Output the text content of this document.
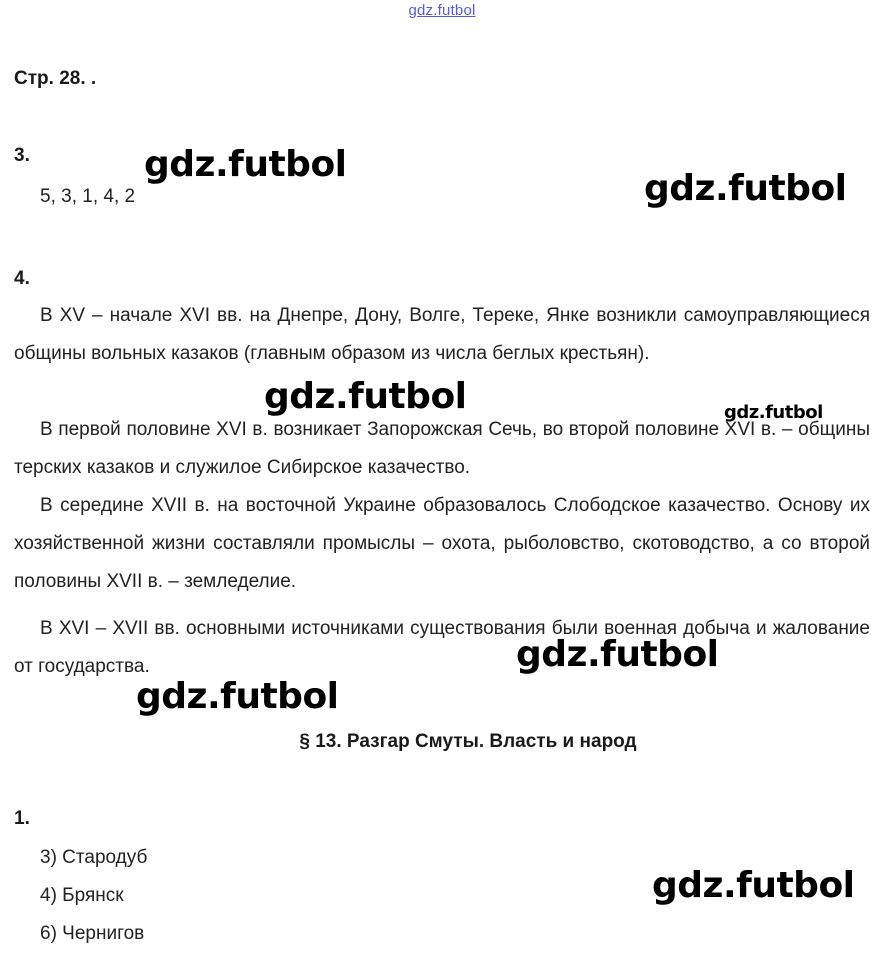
gdz.futbol
Стр. 28. .
3.
5, 3, 1, 4, 2
4.
В XV – начале XVI вв. на Днепре, Дону, Волге, Тереке, Янке возникли самоуправляющиеся общины вольных казаков (главным образом из числа беглых крестьян).
В первой половине XVI в. возникает Запорожская Сечь, во второй половине XVI в. – общины терских казаков и служилое Сибирское казачество.
В середине XVII в. на восточной Украине образовалось Слободское казачество. Основу их хозяйственной жизни составляли промыслы – охота, рыболовство, скотоводство, а со второй половины XVII в. – земледелие.
В XVI – XVII вв. основными источниками существования были военная добыча и жалование от государства.
§ 13. Разгар Смуты. Власть и народ
1.
3) Стародуб
4) Брянск
6) Чернигов
gdz.futbol
gdz.futbol
gdz.futbol	gdz.futbol
gdz.futbol
gdz.futbol
gdz.futbol
